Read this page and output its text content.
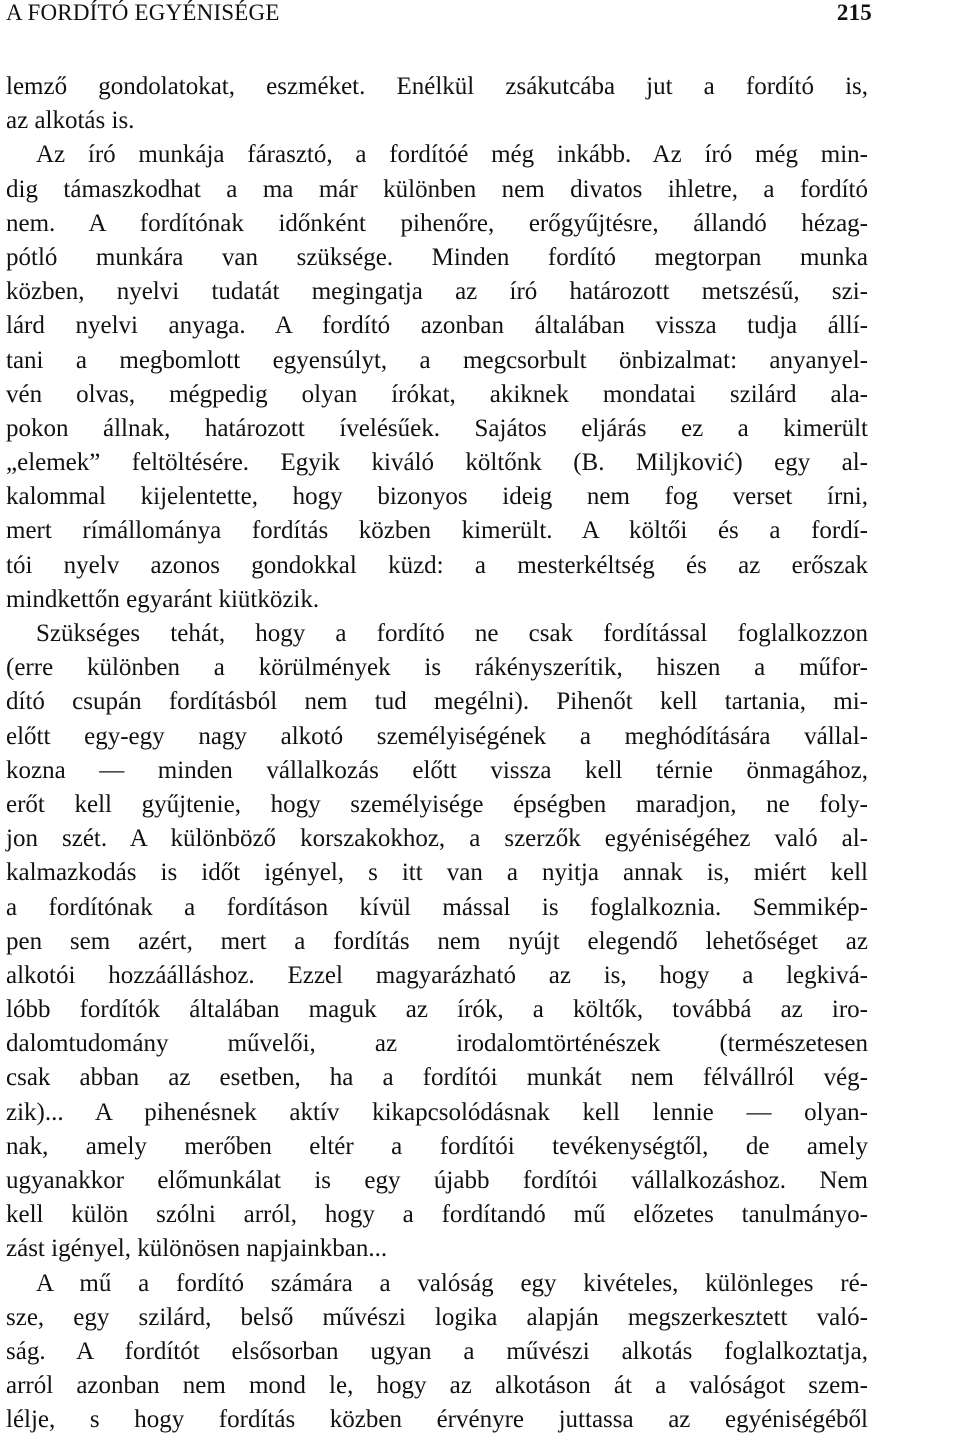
A FORDÍTÓ EGYÉNISÉGE	215
lemző gondolatokat, eszméket. Enélkül zsákutcába jut a fordító is,
az alkotás is.
Az író munkája fárasztó, a fordítóé még inkább. Az író még min-
dig támaszkodhat a ma már különben nem divatos ihletre, a fordító
nem. A fordítónak időnként pihenőre, erőgyűjtésre, állandó hézag-
pótló munkára van szüksége. Minden fordító megtorpan munka
közben, nyelvi tudatát megingatja az író határozott metszésű, szi-
lárd nyelvi anyaga. A fordító azonban általában vissza tudja állí-
tani a megbomlott egyensúlyt, a megcsorbult önbizalmat: anyanyel-
vén olvas, mégpedig olyan írókat, akiknek mondatai szilárd ala-
pokon állnak, határozott ívelésűek. Sajátos eljárás ez a kimerült
„elemek” feltöltésére. Egyik kiváló költőnk (B. Miljković) egy al-
kalommal kijelentette, hogy bizonyos ideig nem fog verset írni,
mert rímállománya fordítás közben kimerült. A költői és a fordí-
tói nyelv azonos gondokkal küzd: a mesterkéltség és az erőszak
mindkettőn egyaránt kiütközik.
Szükséges tehát, hogy a fordító ne csak fordítással foglalkozzon
(erre különben a körülmények is rákényszerítik, hiszen a műfor-
dító csupán fordításból nem tud megélni). Pihenőt kell tartania, mi-
előtt egy-egy nagy alkotó személyiségének a meghódítására vállal-
kozna — minden vállalkozás előtt vissza kell térnie önmagához,
erőt kell gyűjtenie, hogy személyisége épségben maradjon, ne foly-
jon szét. A különböző korszakokhoz, a szerzők egyéniségéhez való al-
kalmazkodás is időt igényel, s itt van a nyitja annak is, miért kell
a fordítónak a fordításon kívül mással is foglalkoznia. Semmikép-
pen sem azért, mert a fordítás nem nyújt elegendő lehetőséget az
alkotói hozzáálláshoz. Ezzel magyarázható az is, hogy a legkivá-
lóbb fordítók általában maguk az írók, a költők, továbbá az iro-
dalomtudomány művelői, az irodalomtörténészek (természetesen
csak abban az esetben, ha a fordítói munkát nem félvállról vég-
zik)... A pihenésnek aktív kikapcsolódásnak kell lennie — olyan-
nak, amely merőben eltér a fordítói tevékenységtől, de amely
ugyanakkor előmunkálat is egy újabb fordítói vállalkozáshoz. Nem
kell külön szólni arról, hogy a fordítandó mű előzetes tanulmányo-
zást igényel, különösen napjainkban...
A mű a fordító számára a valóság egy kivételes, különleges ré-
sze, egy szilárd, belső művészi logika alapján megszerkesztett való-
ság. A fordítót elsősorban ugyan a művészi alkotás foglalkoztatja,
arról azonban nem mond le, hogy az alkotáson át a valóságot szem-
lélje, s hogy fordítás közben érvényre juttassa az egyéniségéből
